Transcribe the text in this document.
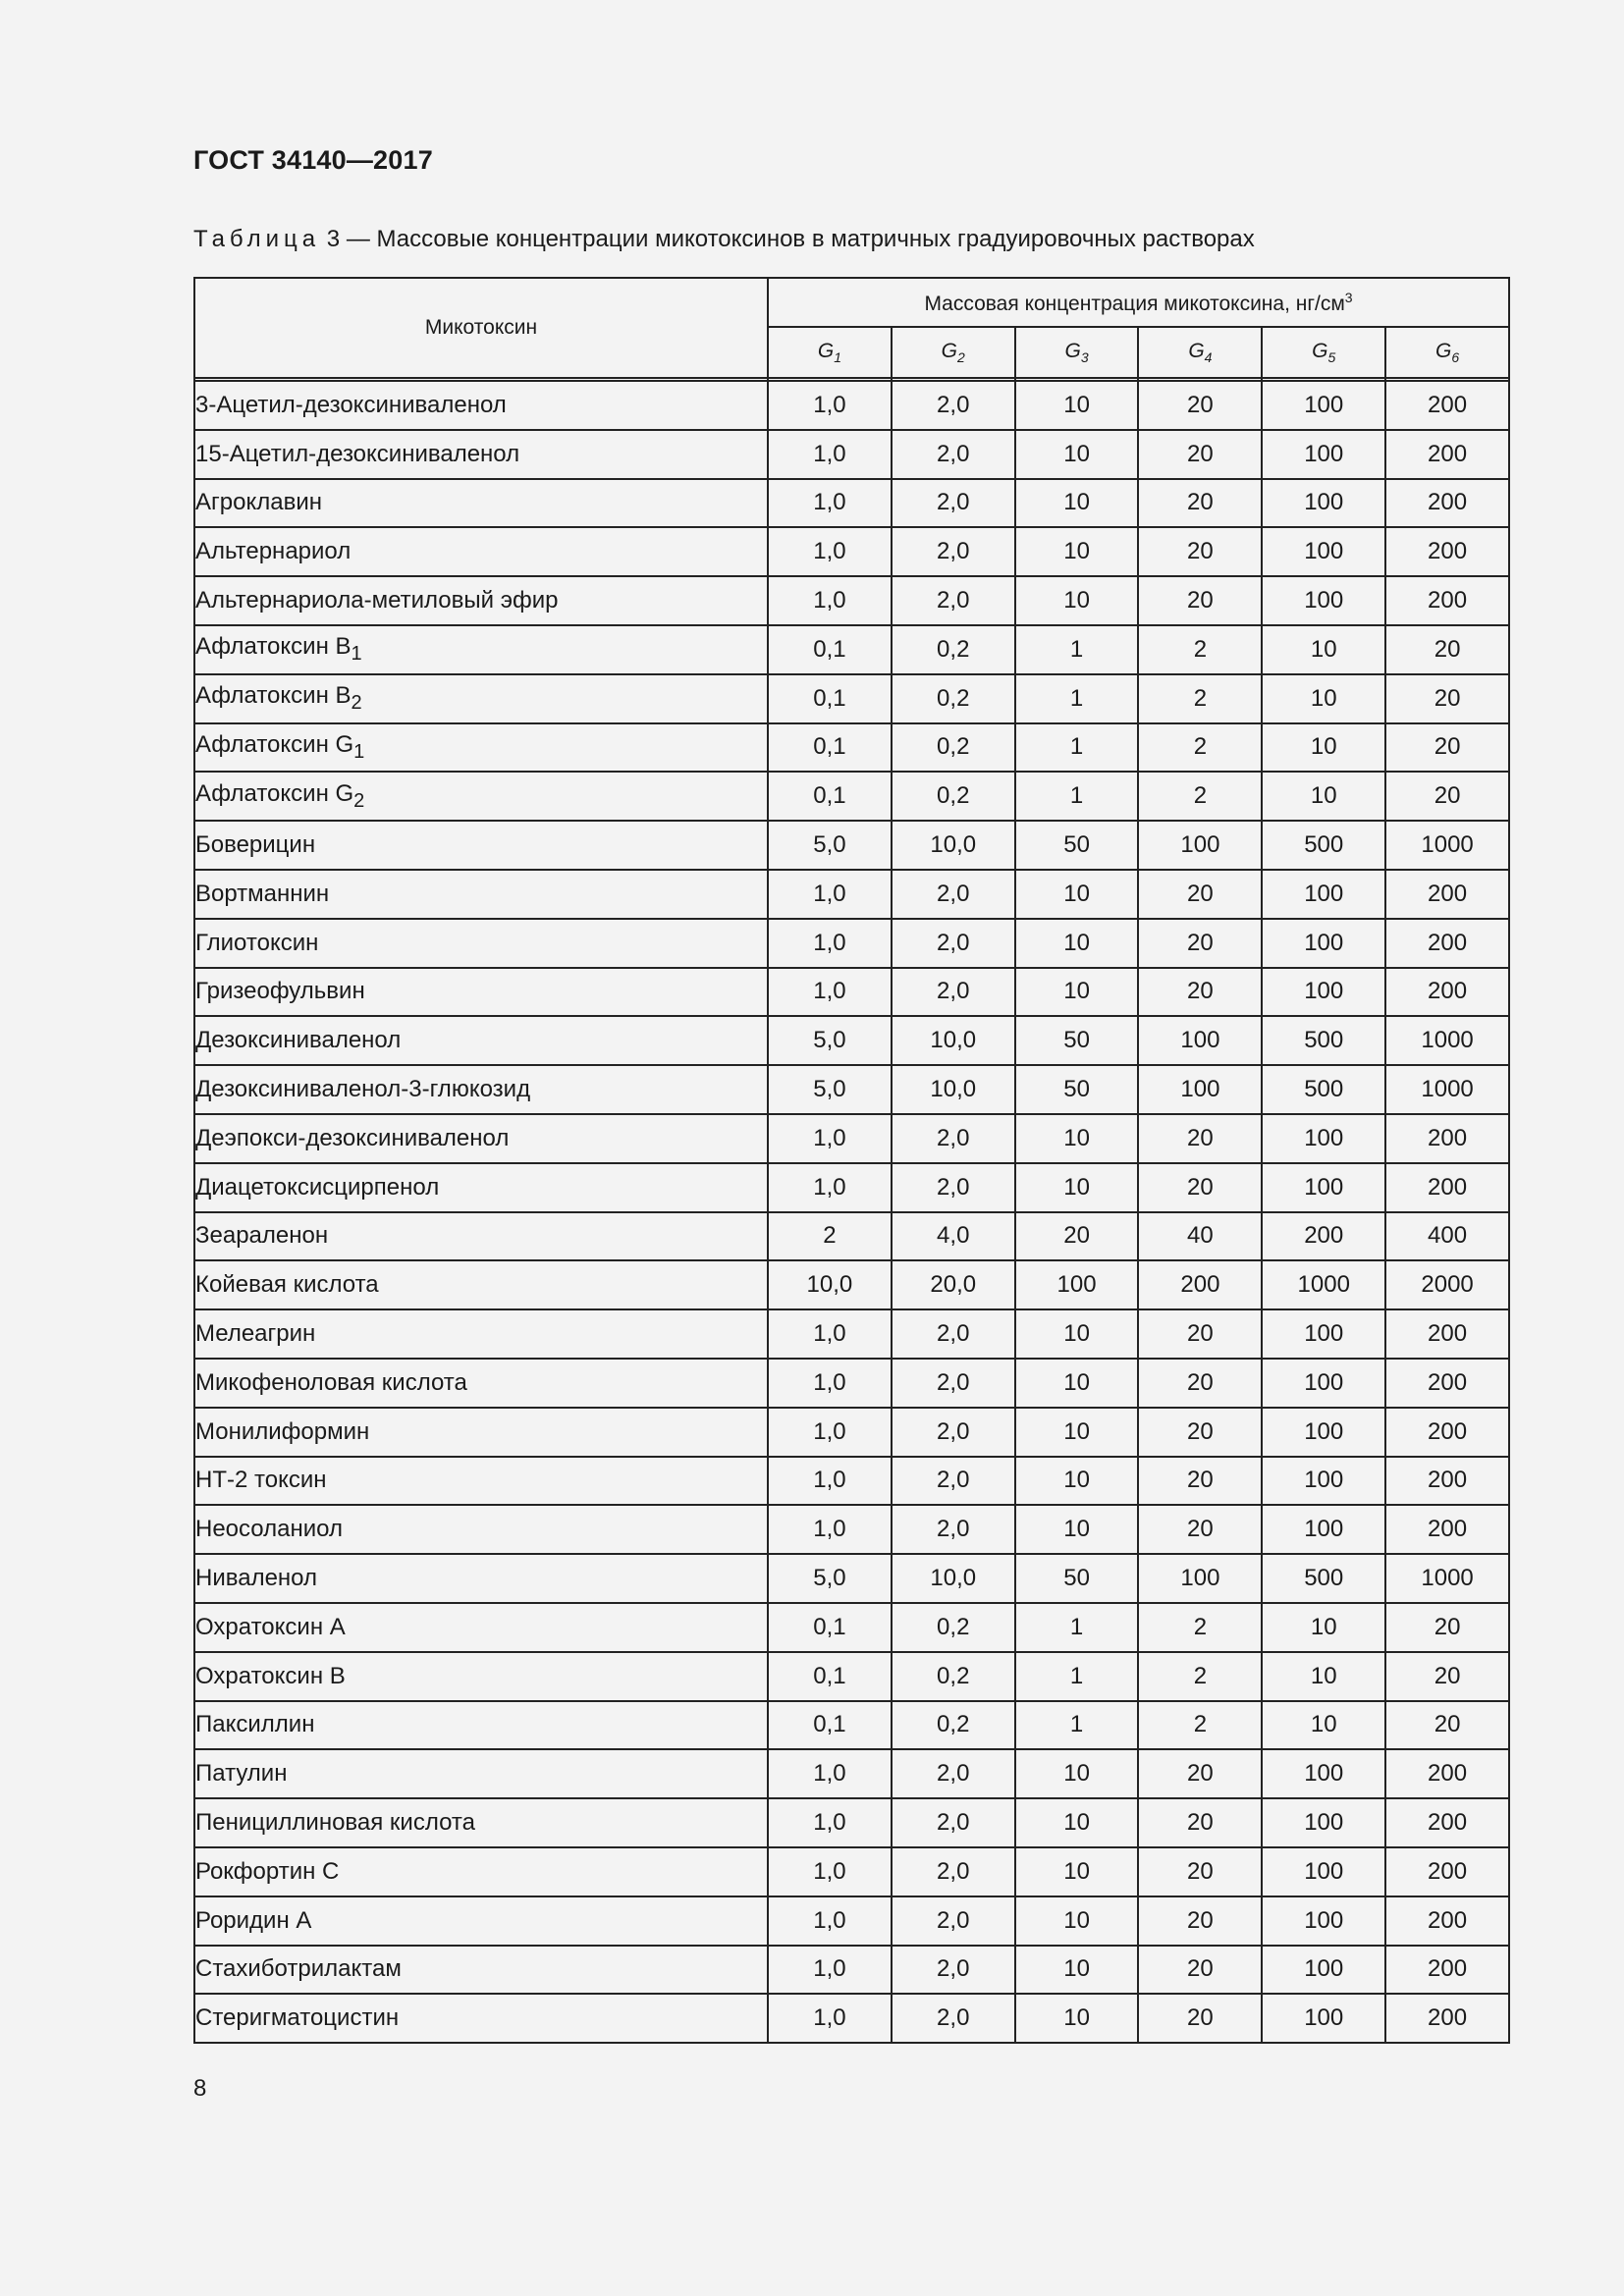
ГОСТ 34140—2017
Таблица 3 — Массовые концентрации микотоксинов в матричных градуировочных растворах
Микотоксин	Массовая концентрация микотоксина, $нг/см^3$
	$G_1$	$G_2$	$G_3$	$G_4$	$G_5$	$G_6$

3-Ацетил-дезоксиниваленол	1,0	2,0	10	20	100	200
15-Ацетил-дезоксиниваленол	1,0	2,0	10	20	100	200
Агроклавин	1,0	2,0	10	20	100	200
Альтернариол	1,0	2,0	10	20	100	200
Альтернариола-метиловый эфир	1,0	2,0	10	20	100	200
Афлатоксин $B_1$	0,1	0,2	1	2	10	20
Афлатоксин $B_2$	0,1	0,2	1	2	10	20
Афлатоксин $G_1$	0,1	0,2	1	2	10	20
Афлатоксин $G_2$	0,1	0,2	1	2	10	20
Боверицин	5,0	10,0	50	100	500	1000
Вортманнин	1,0	2,0	10	20	100	200
Глиотоксин	1,0	2,0	10	20	100	200
Гризеофульвин	1,0	2,0	10	20	100	200
Дезоксиниваленол	5,0	10,0	50	100	500	1000
Дезоксиниваленол-3-глюкозид	5,0	10,0	50	100	500	1000
Деэпокси-дезоксиниваленол	1,0	2,0	10	20	100	200
Диацетоксисцирпенол	1,0	2,0	10	20	100	200
Зеараленон	2	4,0	20	40	200	400
Койевая кислота	10,0	20,0	100	200	1000	2000
Мелеагрин	1,0	2,0	10	20	100	200
Микофеноловая кислота	1,0	2,0	10	20	100	200
Монилиформин	1,0	2,0	10	20	100	200
НТ-2 токсин	1,0	2,0	10	20	100	200
Неосоланиол	1,0	2,0	10	20	100	200
Ниваленол	5,0	10,0	50	100	500	1000
Охратоксин А	0,1	0,2	1	2	10	20
Охратоксин В	0,1	0,2	1	2	10	20
Паксиллин	0,1	0,2	1	2	10	20
Патулин	1,0	2,0	10	20	100	200
Пенициллиновая кислота	1,0	2,0	10	20	100	200
Рокфортин С	1,0	2,0	10	20	100	200
Роридин А	1,0	2,0	10	20	100	200
Стахиботрилактам	1,0	2,0	10	20	100	200
Стеригматоцистин	1,0	2,0	10	20	100	200
8
